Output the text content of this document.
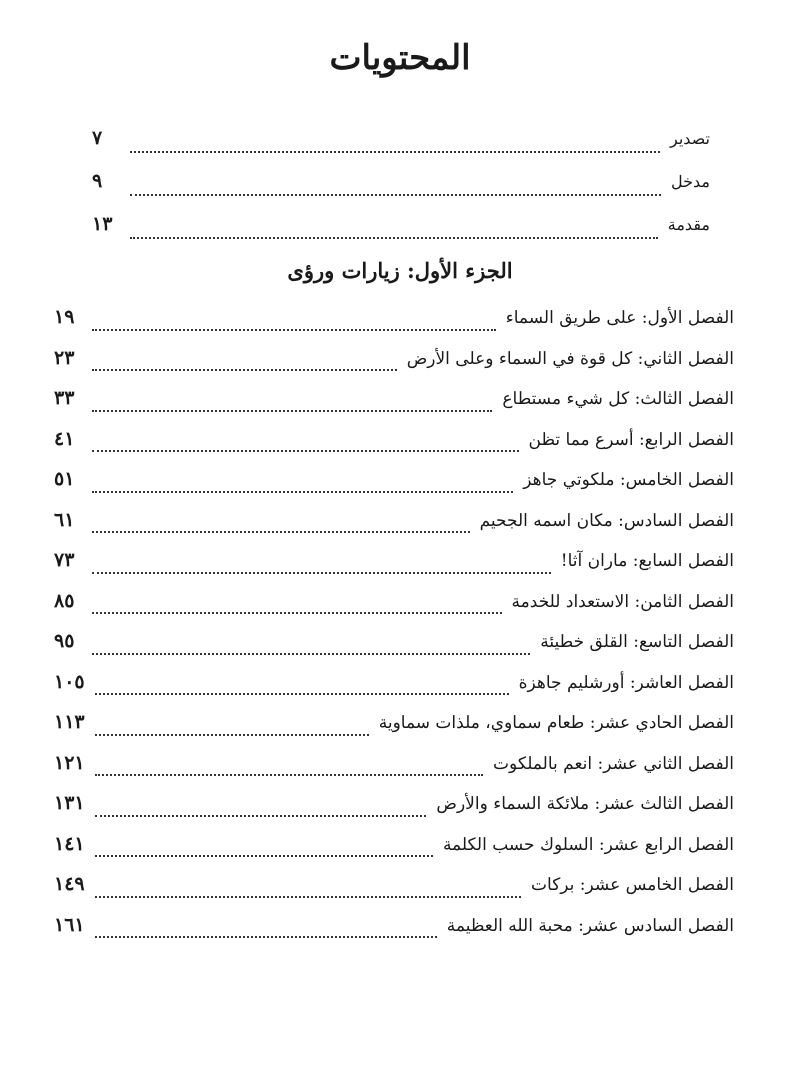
المحتويات
تصدير
٧
مدخل
٩
مقدمة
١٣
الجزء الأول: زيارات ورؤى
الفصل الأول: على طريق السماء
١٩
الفصل الثاني: كل قوة في السماء وعلى الأرض
٢٣
الفصل الثالث: كل شيء مستطاع
٣٣
الفصل الرابع: أسرع مما تظن
٤١
الفصل الخامس: ملكوتي جاهز
٥١
الفصل السادس: مكان اسمه الجحيم
٦١
الفصل السابع: ماران آثا!
٧٣
الفصل الثامن: الاستعداد للخدمة
٨٥
الفصل التاسع: القلق خطيئة
٩٥
الفصل العاشر: أورشليم جاهزة
١٠٥
الفصل الحادي عشر: طعام سماوي، ملذات سماوية
١١٣
الفصل الثاني عشر: انعم بالملكوت
١٢١
الفصل الثالث عشر: ملائكة السماء والأرض
١٣١
الفصل الرابع عشر: السلوك حسب الكلمة
١٤١
الفصل الخامس عشر: بركات
١٤٩
الفصل السادس عشر: محبة الله العظيمة
١٦١
